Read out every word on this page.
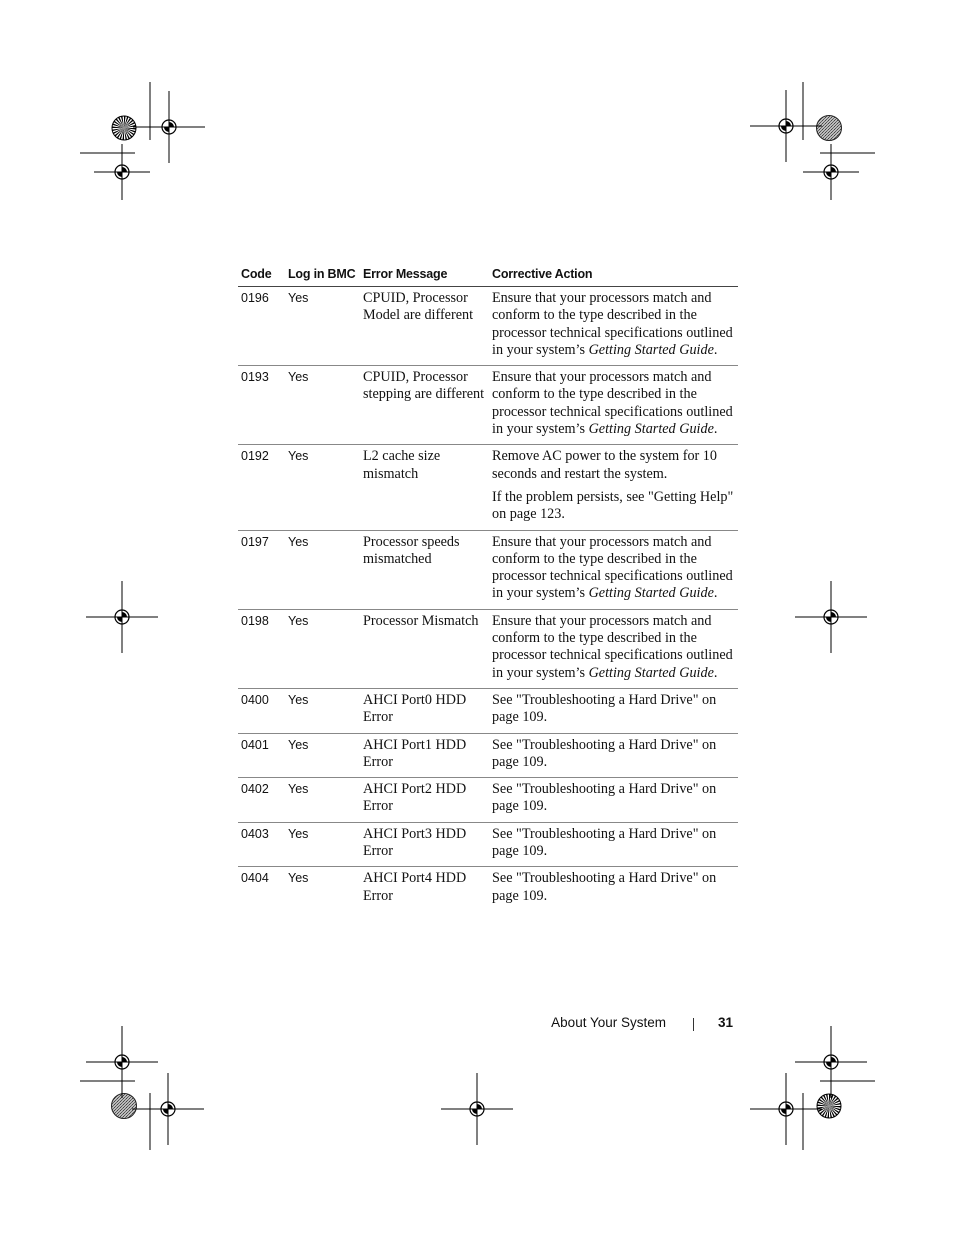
Code	Log in BMC	Error Message	Corrective Action
0196	Yes	CPUID, Processor Model are different	Ensure that your processors match and conform to the type described in the processor technical specifications outlined in your system’s Getting Started Guide.
0193	Yes	CPUID, Processor stepping are different	Ensure that your processors match and conform to the type described in the processor technical specifications outlined in your system’s Getting Started Guide.
0192	Yes	L2 cache size mismatch	Remove AC power to the system for 10 seconds and restart the system.
If the problem persists, see "Getting Help" on page 123.

0197	Yes	Processor speeds mismatched	Ensure that your processors match and conform to the type described in the processor technical specifications outlined in your system’s Getting Started Guide.
0198	Yes	Processor Mismatch	Ensure that your processors match and conform to the type described in the processor technical specifications outlined in your system’s Getting Started Guide.
0400	Yes	AHCI Port0 HDD Error	See "Troubleshooting a Hard Drive" on page 109.
0401	Yes	AHCI Port1 HDD Error	See "Troubleshooting a Hard Drive" on page 109.
0402	Yes	AHCI Port2 HDD Error	See "Troubleshooting a Hard Drive" on page 109.
0403	Yes	AHCI Port3 HDD Error	See "Troubleshooting a Hard Drive" on page 109.
0404	Yes	AHCI Port4 HDD Error	See "Troubleshooting a Hard Drive" on page 109.
About Your System	31
